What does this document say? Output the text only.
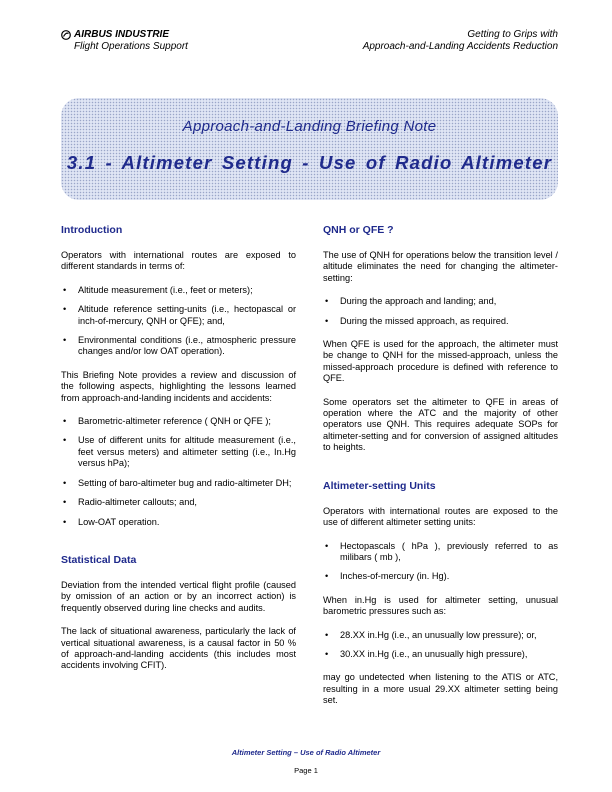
AIRBUS INDUSTRIE
Flight Operations Support
Getting to Grips with
Approach-and-Landing Accidents Reduction
Approach-and-Landing Briefing Note
3.1 - Altimeter Setting - Use of Radio Altimeter
Introduction

Operators with international routes are exposed to different standards in terms of:

• Altitude measurement (i.e., feet or meters);
• Altitude reference setting-units (i.e., hectopascal or inch-of-mercury, QNH or QFE); and,
• Environmental conditions (i.e., atmospheric pressure changes and/or low OAT operation).

This Briefing Note provides a review and discussion of the following aspects, highlighting the lessons learned from approach-and-landing incidents and accidents:

• Barometric-altimeter reference ( QNH or QFE );
• Use of different units for altitude measurement (i.e., feet versus meters) and altimeter setting (i.e., In.Hg versus hPa);
• Setting of baro-altimeter bug and radio-altimeter DH;
• Radio-altimeter callouts; and,
• Low-OAT operation.
Statistical Data

Deviation from the intended vertical flight profile (caused by omission of an action or by an incorrect action) is frequently observed during line checks and audits.

The lack of situational awareness, particularly the lack of vertical situational awareness, is a causal factor in 50 % of approach-and-landing accidents (this includes most accidents involving CFIT).

QNH or QFE ?

The use of QNH for operations below the transition level / altitude eliminates the need for changing the altimeter-setting:

• During the approach and landing; and,
• During the missed approach, as required.

When QFE is used for the approach, the altimeter must be change to QNH for the missed-approach, unless the missed-approach procedure is defined with reference to QFE.

Some operators set the altimeter to QFE in areas of operation where the ATC and the majority of other operators use QNH. This requires adequate SOPs for altimeter-setting and for conversion of assigned altitudes to heights.

Altimeter-setting Units

Operators with international routes are exposed to the use of different altimeter setting units:

• Hectopascals ( hPa ), previously referred to as milibars ( mb ),
• Inches-of-mercury (in. Hg).

When in.Hg is used for altimeter setting, unusual barometric pressures such as:

• 28.XX in.Hg (i.e., an unusually low pressure); or,
• 30.XX in.Hg (i.e., an unusually high pressure),

may go undetected when listening to the ATIS or ATC, resulting in a more usual 29.XX altimeter setting being set.

Altimeter Setting – Use of Radio Altimeter
Page 1
